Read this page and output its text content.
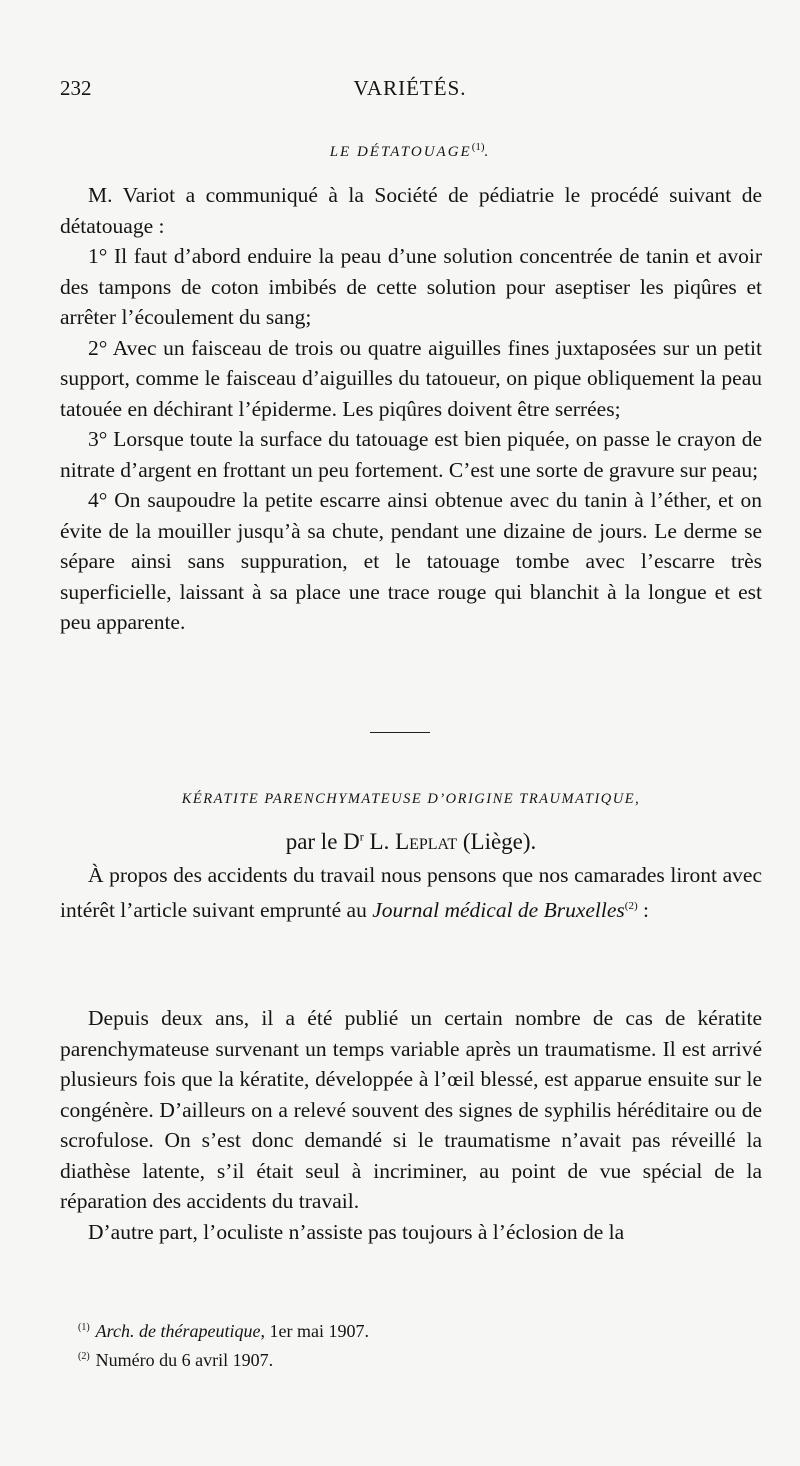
232	VARIÉTÉS.
LE DÉTATOUAGE$^{(1)}$.

M. Variot a communiqué à la Société de pédiatrie le procédé suivant de détatouage :

1° Il faut d’abord enduire la peau d’une solution concentrée de tanin et avoir des tampons de coton imbibés de cette solution pour aseptiser les piqûres et arrêter l’écoulement du sang;

2° Avec un faisceau de trois ou quatre aiguilles fines juxtaposées sur un petit support, comme le faisceau d’aiguilles du tatoueur, on pique obliquement la peau tatouée en déchirant l’épiderme. Les piqûres doivent être serrées;

3° Lorsque toute la surface du tatouage est bien piquée, on passe le crayon de nitrate d’argent en frottant un peu fortement. C’est une sorte de gravure sur peau;

4° On saupoudre la petite escarre ainsi obtenue avec du tanin à l’éther, et on évite de la mouiller jusqu’à sa chute, pendant une dizaine de jours. Le derme se sépare ainsi sans suppuration, et le tatouage tombe avec l’escarre très superficielle, laissant à sa place une trace rouge qui blanchit à la longue et est peu apparente.

KÉRATITE PARENCHYMATEUSE D’ORIGINE TRAUMATIQUE,
par le $D^r$ L. Leplat (Liège).

À propos des accidents du travail nous pensons que nos camarades liront avec intérêt l’article suivant emprunté au Journal médical de Bruxelles$^{(2)}$ :

Depuis deux ans, il a été publié un certain nombre de cas de kératite parenchymateuse survenant un temps variable après un traumatisme. Il est arrivé plusieurs fois que la kératite, développée à l’œil blessé, est apparue ensuite sur le congénère. D’ailleurs on a relevé souvent des signes de syphilis héréditaire ou de scrofulose. On s’est donc demandé si le traumatisme n’avait pas réveillé la diathèse latente, s’il était seul à incriminer, au point de vue spécial de la réparation des accidents du travail.

D’autre part, l’oculiste n’assiste pas toujours à l’éclosion de la

$^{(1)}$ Arch. de thérapeutique, 1er mai 1907.
$^{(2)}$ Numéro du 6 avril 1907.
